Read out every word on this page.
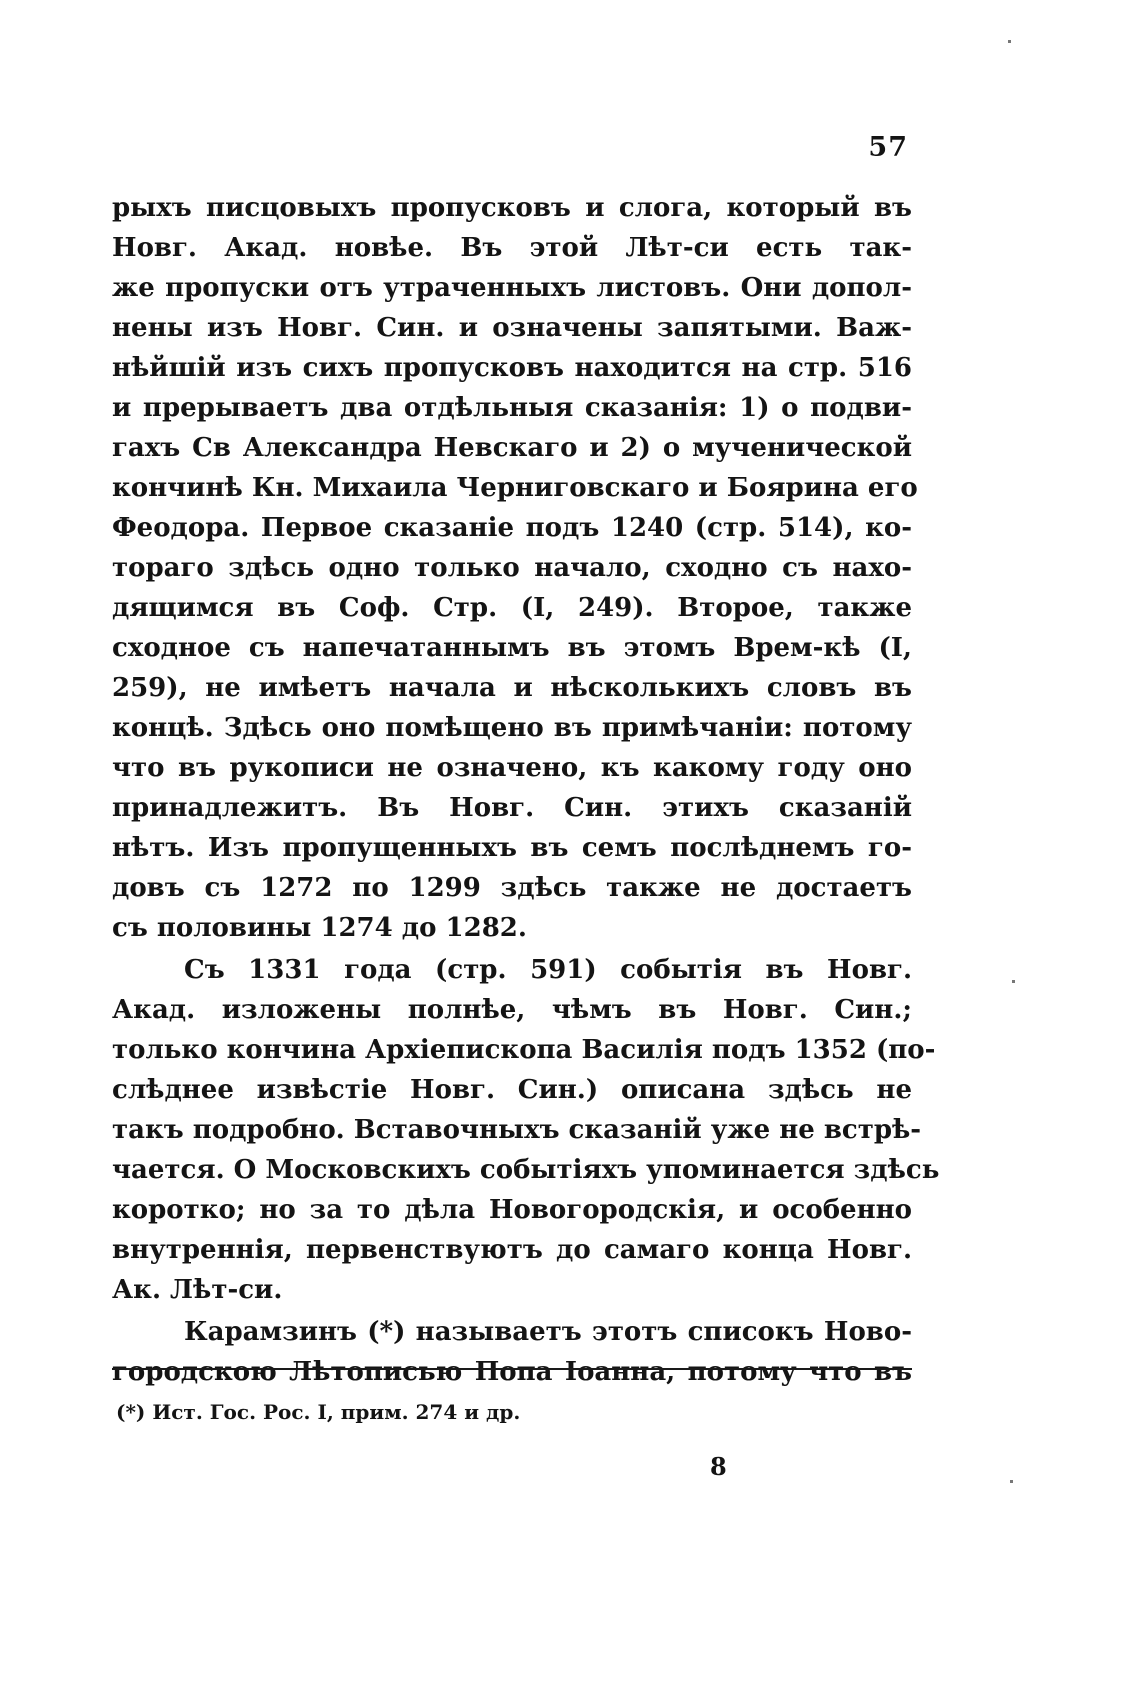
57
рыхъ писцовыхъ пропусковъ и слога, который въ
Новг. Акад. новѣе. Въ этой Лѣт-си есть так-
же пропуски отъ утраченныхъ листовъ. Они допол-
нены изъ Новг. Син. и означены запятыми. Важ-
нѣйшій изъ сихъ пропусковъ находится на стр. 516
и прерываетъ два отдѣльныя сказанія: 1) о подви-
гахъ Св Александра Невскаго и 2) о мученической
кончинѣ Кн. Михаила Черниговскаго и Боярина его
Феодора. Первое сказаніе подъ 1240 (стр. 514), ко-
тораго здѣсь одно только начало, сходно съ нахо-
дящимся въ Соф. Стр. (I, 249). Второе, также
сходное съ напечатаннымъ въ этомъ Врем-кѣ (I,
259), не имѣетъ начала и нѣсколькихъ словъ въ
концѣ. Здѣсь оно помѣщено въ примѣчаніи: потому
что въ рукописи не означено, къ какому году оно
принадлежитъ. Въ Новг. Син. этихъ сказаній
нѣтъ. Изъ пропущенныхъ въ семъ послѣднемъ го-
довъ съ 1272 по 1299 здѣсь также не достаетъ
съ половины 1274 до 1282.
Съ 1331 года (стр. 591) событія въ Новг.
Акад. изложены полнѣе, чѣмъ въ Новг. Син.;
только кончина Архіепископа Василія подъ 1352 (по-
слѣднее извѣстіе Новг. Син.) описана здѣсь не
такъ подробно. Вставочныхъ сказаній уже не встрѣ-
чается. О Московскихъ событіяхъ упоминается здѣсь
коротко; но за то дѣла Новогородскія, и особенно
внутреннія, первенствуютъ до самаго конца Новг.
Ак. Лѣт-си.
Карамзинъ (*) называетъ этотъ списокъ Ново-
городскою Лѣтописью Попа Іоанна, потому что въ
(*) Ист. Гос. Рос. I, прим. 274 и др.
8
